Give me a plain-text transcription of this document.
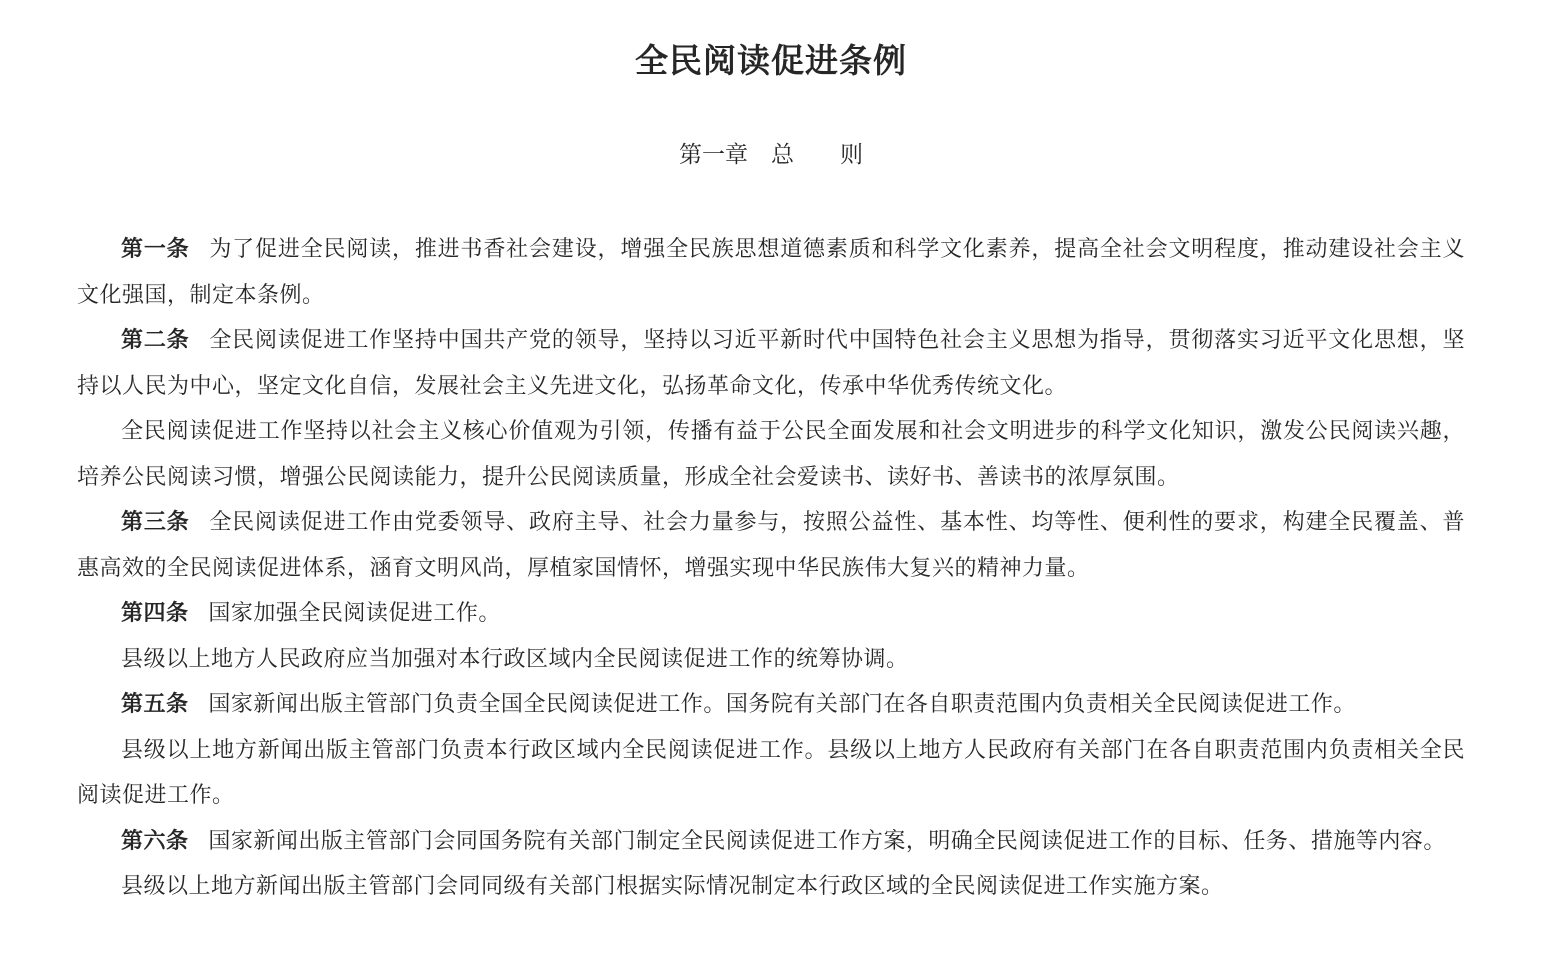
全民阅读促进条例
第一章　总　　则

第一条 为了促进全民阅读，推进书香社会建设，增强全民族思想道德素质和科学文化素养，提高全社会文明程度，推动建设社会主义文化强国，制定本条例。

第二条 全民阅读促进工作坚持中国共产党的领导，坚持以习近平新时代中国特色社会主义思想为指导，贯彻落实习近平文化思想，坚持以人民为中心，坚定文化自信，发展社会主义先进文化，弘扬革命文化，传承中华优秀传统文化。

全民阅读促进工作坚持以社会主义核心价值观为引领，传播有益于公民全面发展和社会文明进步的科学文化知识，激发公民阅读兴趣，培养公民阅读习惯，增强公民阅读能力，提升公民阅读质量，形成全社会爱读书、读好书、善读书的浓厚氛围。

第三条 全民阅读促进工作由党委领导、政府主导、社会力量参与，按照公益性、基本性、均等性、便利性的要求，构建全民覆盖、普惠高效的全民阅读促进体系，涵育文明风尚，厚植家国情怀，增强实现中华民族伟大复兴的精神力量。

第四条 国家加强全民阅读促进工作。

县级以上地方人民政府应当加强对本行政区域内全民阅读促进工作的统筹协调。

第五条 国家新闻出版主管部门负责全国全民阅读促进工作。国务院有关部门在各自职责范围内负责相关全民阅读促进工作。

县级以上地方新闻出版主管部门负责本行政区域内全民阅读促进工作。县级以上地方人民政府有关部门在各自职责范围内负责相关全民阅读促进工作。

第六条 国家新闻出版主管部门会同国务院有关部门制定全民阅读促进工作方案，明确全民阅读促进工作的目标、任务、措施等内容。

县级以上地方新闻出版主管部门会同同级有关部门根据实际情况制定本行政区域的全民阅读促进工作实施方案。
